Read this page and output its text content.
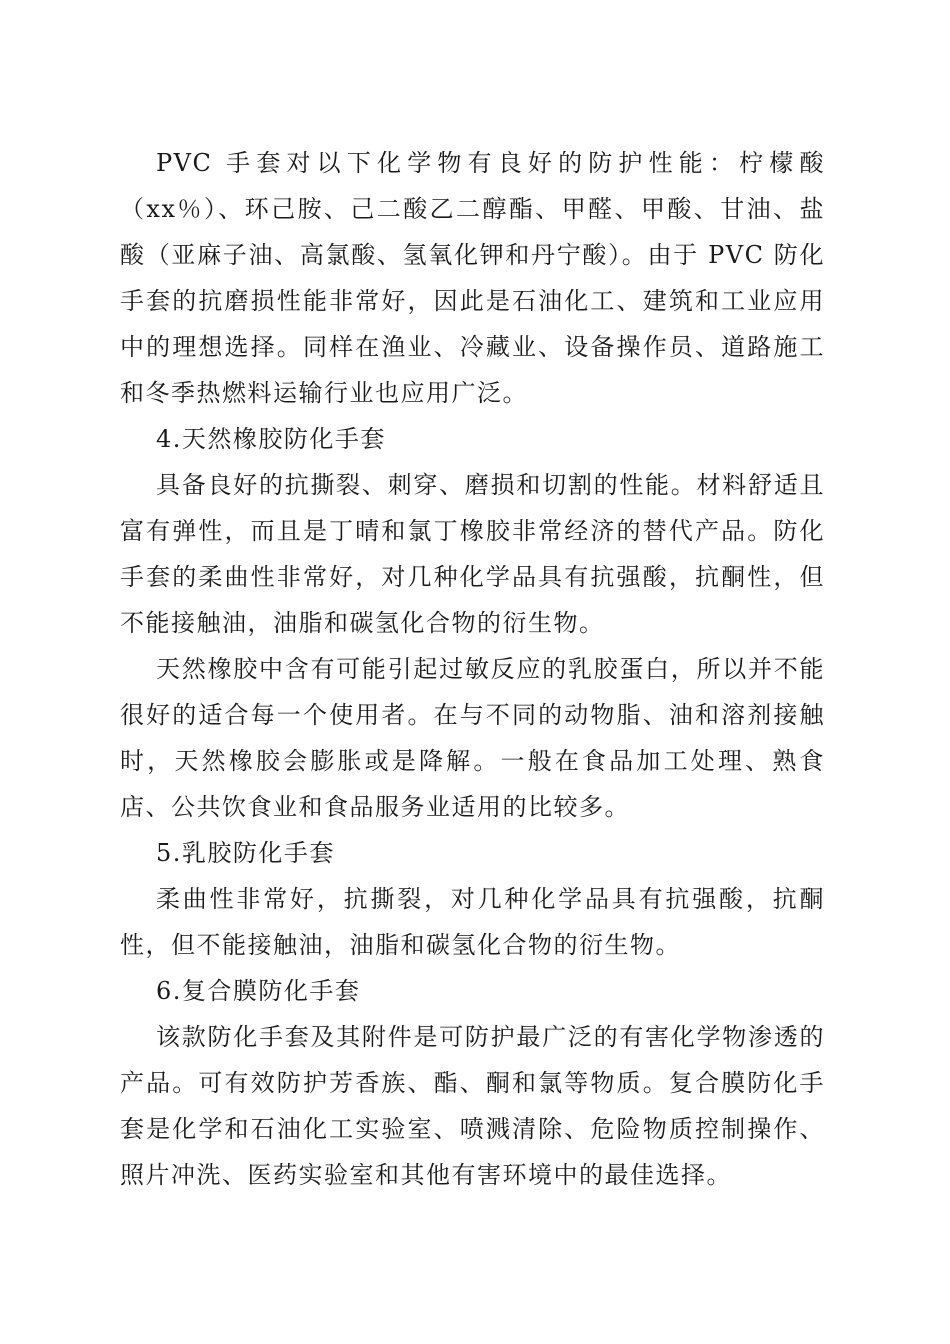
PVC 手套对以下化学物有良好的防护性能：柠檬酸（xx％）、环己胺、己二酸乙二醇酯、甲醛、甲酸、甘油、盐酸（亚麻子油、高氯酸、氢氧化钾和丹宁酸）。由于 PVC 防化手套的抗磨损性能非常好，因此是石油化工、建筑和工业应用中的理想选择。同样在渔业、冷藏业、设备操作员、道路施工和冬季热燃料运输行业也应用广泛。

4.天然橡胶防化手套

具备良好的抗撕裂、刺穿、磨损和切割的性能。材料舒适且富有弹性，而且是丁晴和氯丁橡胶非常经济的替代产品。防化手套的柔曲性非常好，对几种化学品具有抗强酸，抗酮性，但不能接触油，油脂和碳氢化合物的衍生物。

天然橡胶中含有可能引起过敏反应的乳胶蛋白，所以并不能很好的适合每一个使用者。在与不同的动物脂、油和溶剂接触时，天然橡胶会膨胀或是降解。一般在食品加工处理、熟食店、公共饮食业和食品服务业适用的比较多。

5.乳胶防化手套

柔曲性非常好，抗撕裂，对几种化学品具有抗强酸，抗酮性，但不能接触油，油脂和碳氢化合物的衍生物。

6.复合膜防化手套

该款防化手套及其附件是可防护最广泛的有害化学物渗透的产品。可有效防护芳香族、酯、酮和氯等物质。复合膜防化手套是化学和石油化工实验室、喷溅清除、危险物质控制操作、照片冲洗、医药实验室和其他有害环境中的最佳选择。
